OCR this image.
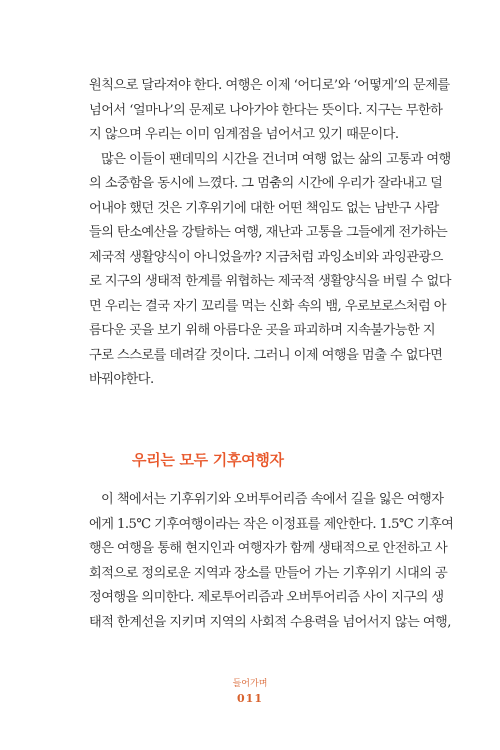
원칙으로 달라져야 한다. 여행은 이제 ‘어디로’와 ‘어떻게’의 문제를
넘어서 ‘얼마나’의 문제로 나아가야 한다는 뜻이다. 지구는 무한하
지 않으며 우리는 이미 임계점을 넘어서고 있기 때문이다.
많은 이들이 팬데믹의 시간을 건너며 여행 없는 삶의 고통과 여행
의 소중함을 동시에 느꼈다. 그 멈춤의 시간에 우리가 잘라내고 덜
어내야 했던 것은 기후위기에 대한 어떤 책임도 없는 남반구 사람
들의 탄소예산을 강탈하는 여행, 재난과 고통을 그들에게 전가하는
제국적 생활양식이 아니었을까? 지금처럼 과잉소비와 과잉관광으
로 지구의 생태적 한계를 위협하는 제국적 생활양식을 버릴 수 없다
면 우리는 결국 자기 꼬리를 먹는 신화 속의 뱀, 우로보로스처럼 아
름다운 곳을 보기 위해 아름다운 곳을 파괴하며 지속불가능한 지
구로 스스로를 데려갈 것이다. 그러니 이제 여행을 멈출 수 없다면
바꿔야한다.
우리는 모두 기후여행자
이 책에서는 기후위기와 오버투어리즘 속에서 길을 잃은 여행자
에게 1.5℃ 기후여행이라는 작은 이정표를 제안한다. 1.5℃ 기후여
행은 여행을 통해 현지인과 여행자가 함께 생태적으로 안전하고 사
회적으로 정의로운 지역과 장소를 만들어 가는 기후위기 시대의 공
정여행을 의미한다. 제로투어리즘과 오버투어리즘 사이 지구의 생
태적 한계선을 지키며 지역의 사회적 수용력을 넘어서지 않는 여행,
들어가며
011
